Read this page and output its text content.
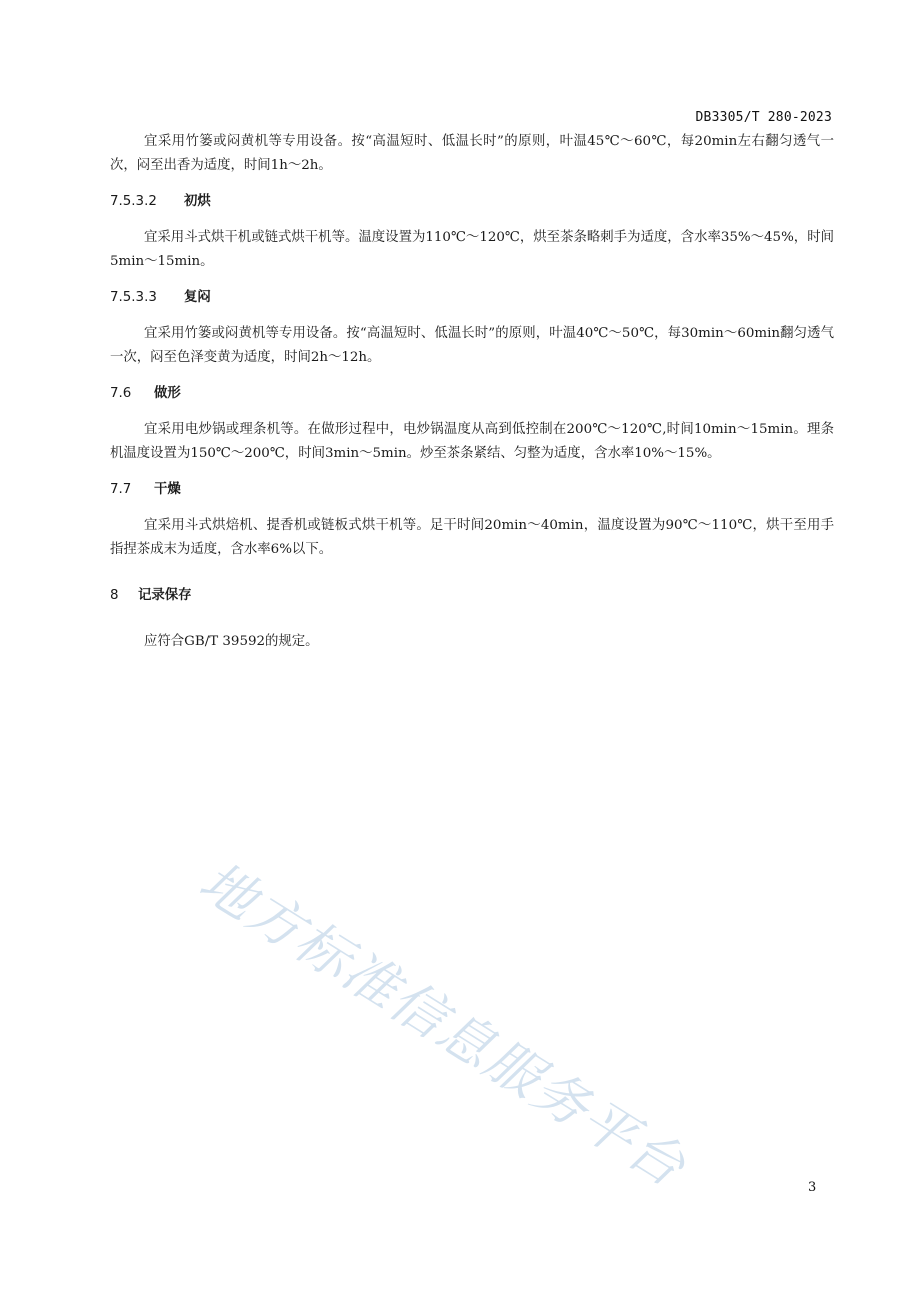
DB3305/T 280-2023

宜采用竹篓或闷黄机等专用设备。按“高温短时、低温长时”的原则，叶温45℃～60℃，每20min左右翻匀透气一次，闷至出香为适度，时间1h～2h。

7.5.3.2 初烘

宜采用斗式烘干机或链式烘干机等。温度设置为110℃～120℃，烘至茶条略刺手为适度，含水率35%～45%，时间5min～15min。

7.5.3.3 复闷

宜采用竹篓或闷黄机等专用设备。按“高温短时、低温长时”的原则，叶温40℃～50℃，每30min～60min翻匀透气一次，闷至色泽变黄为适度，时间2h～12h。

7.6 做形

宜采用电炒锅或理条机等。在做形过程中，电炒锅温度从高到低控制在200℃～120℃,时间10min～15min。理条机温度设置为150℃～200℃，时间3min～5min。炒至茶条紧结、匀整为适度，含水率10%～15%。

7.7 干燥

宜采用斗式烘焙机、提香机或链板式烘干机等。足干时间20min～40min，温度设置为90℃～110℃，烘干至用手指捏茶成末为适度，含水率6%以下。

8 记录保存

应符合GB/T 39592的规定。

地方标准信息服务平台	3
